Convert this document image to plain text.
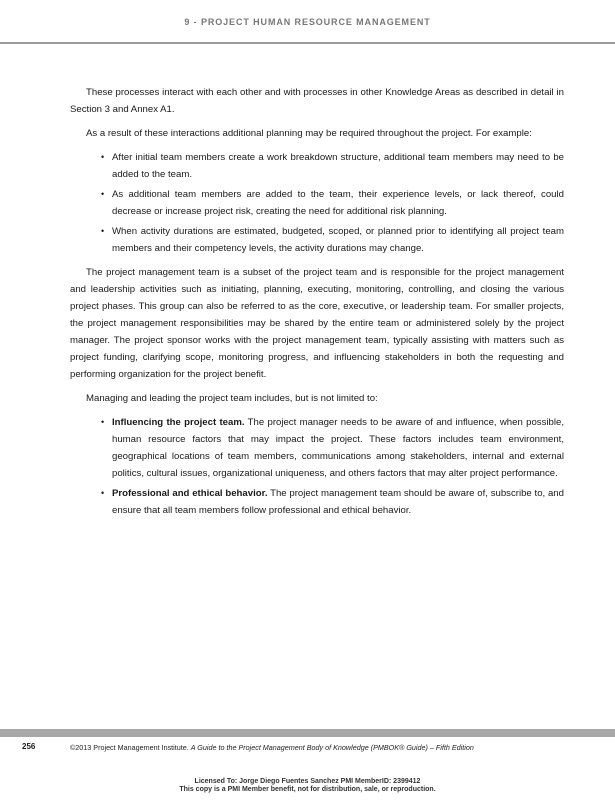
9 - PROJECT HUMAN RESOURCE MANAGEMENT

These processes interact with each other and with processes in other Knowledge Areas as described in detail in Section 3 and Annex A1.

As a result of these interactions additional planning may be required throughout the project. For example:

• After initial team members create a work breakdown structure, additional team members may need to be added to the team.
• As additional team members are added to the team, their experience levels, or lack thereof, could decrease or increase project risk, creating the need for additional risk planning.
• When activity durations are estimated, budgeted, scoped, or planned prior to identifying all project team members and their competency levels, the activity durations may change.

The project management team is a subset of the project team and is responsible for the project management and leadership activities such as initiating, planning, executing, monitoring, controlling, and closing the various project phases. This group can also be referred to as the core, executive, or leadership team. For smaller projects, the project management responsibilities may be shared by the entire team or administered solely by the project manager. The project sponsor works with the project management team, typically assisting with matters such as project funding, clarifying scope, monitoring progress, and influencing stakeholders in both the requesting and performing organization for the project benefit.

Managing and leading the project team includes, but is not limited to:

• Influencing the project team. The project manager needs to be aware of and influence, when possible, human resource factors that may impact the project. These factors includes team environment, geographical locations of team members, communications among stakeholders, internal and external politics, cultural issues, organizational uniqueness, and others factors that may alter project performance.
• Professional and ethical behavior. The project management team should be aware of, subscribe to, and ensure that all team members follow professional and ethical behavior.
256	©2013 Project Management Institute. A Guide to the Project Management Body of Knowledge (PMBOK® Guide) – Fifth Edition
Licensed To: Jorge Diego Fuentes Sanchez PMI MemberID: 2399412
This copy is a PMI Member benefit, not for distribution, sale, or reproduction.
